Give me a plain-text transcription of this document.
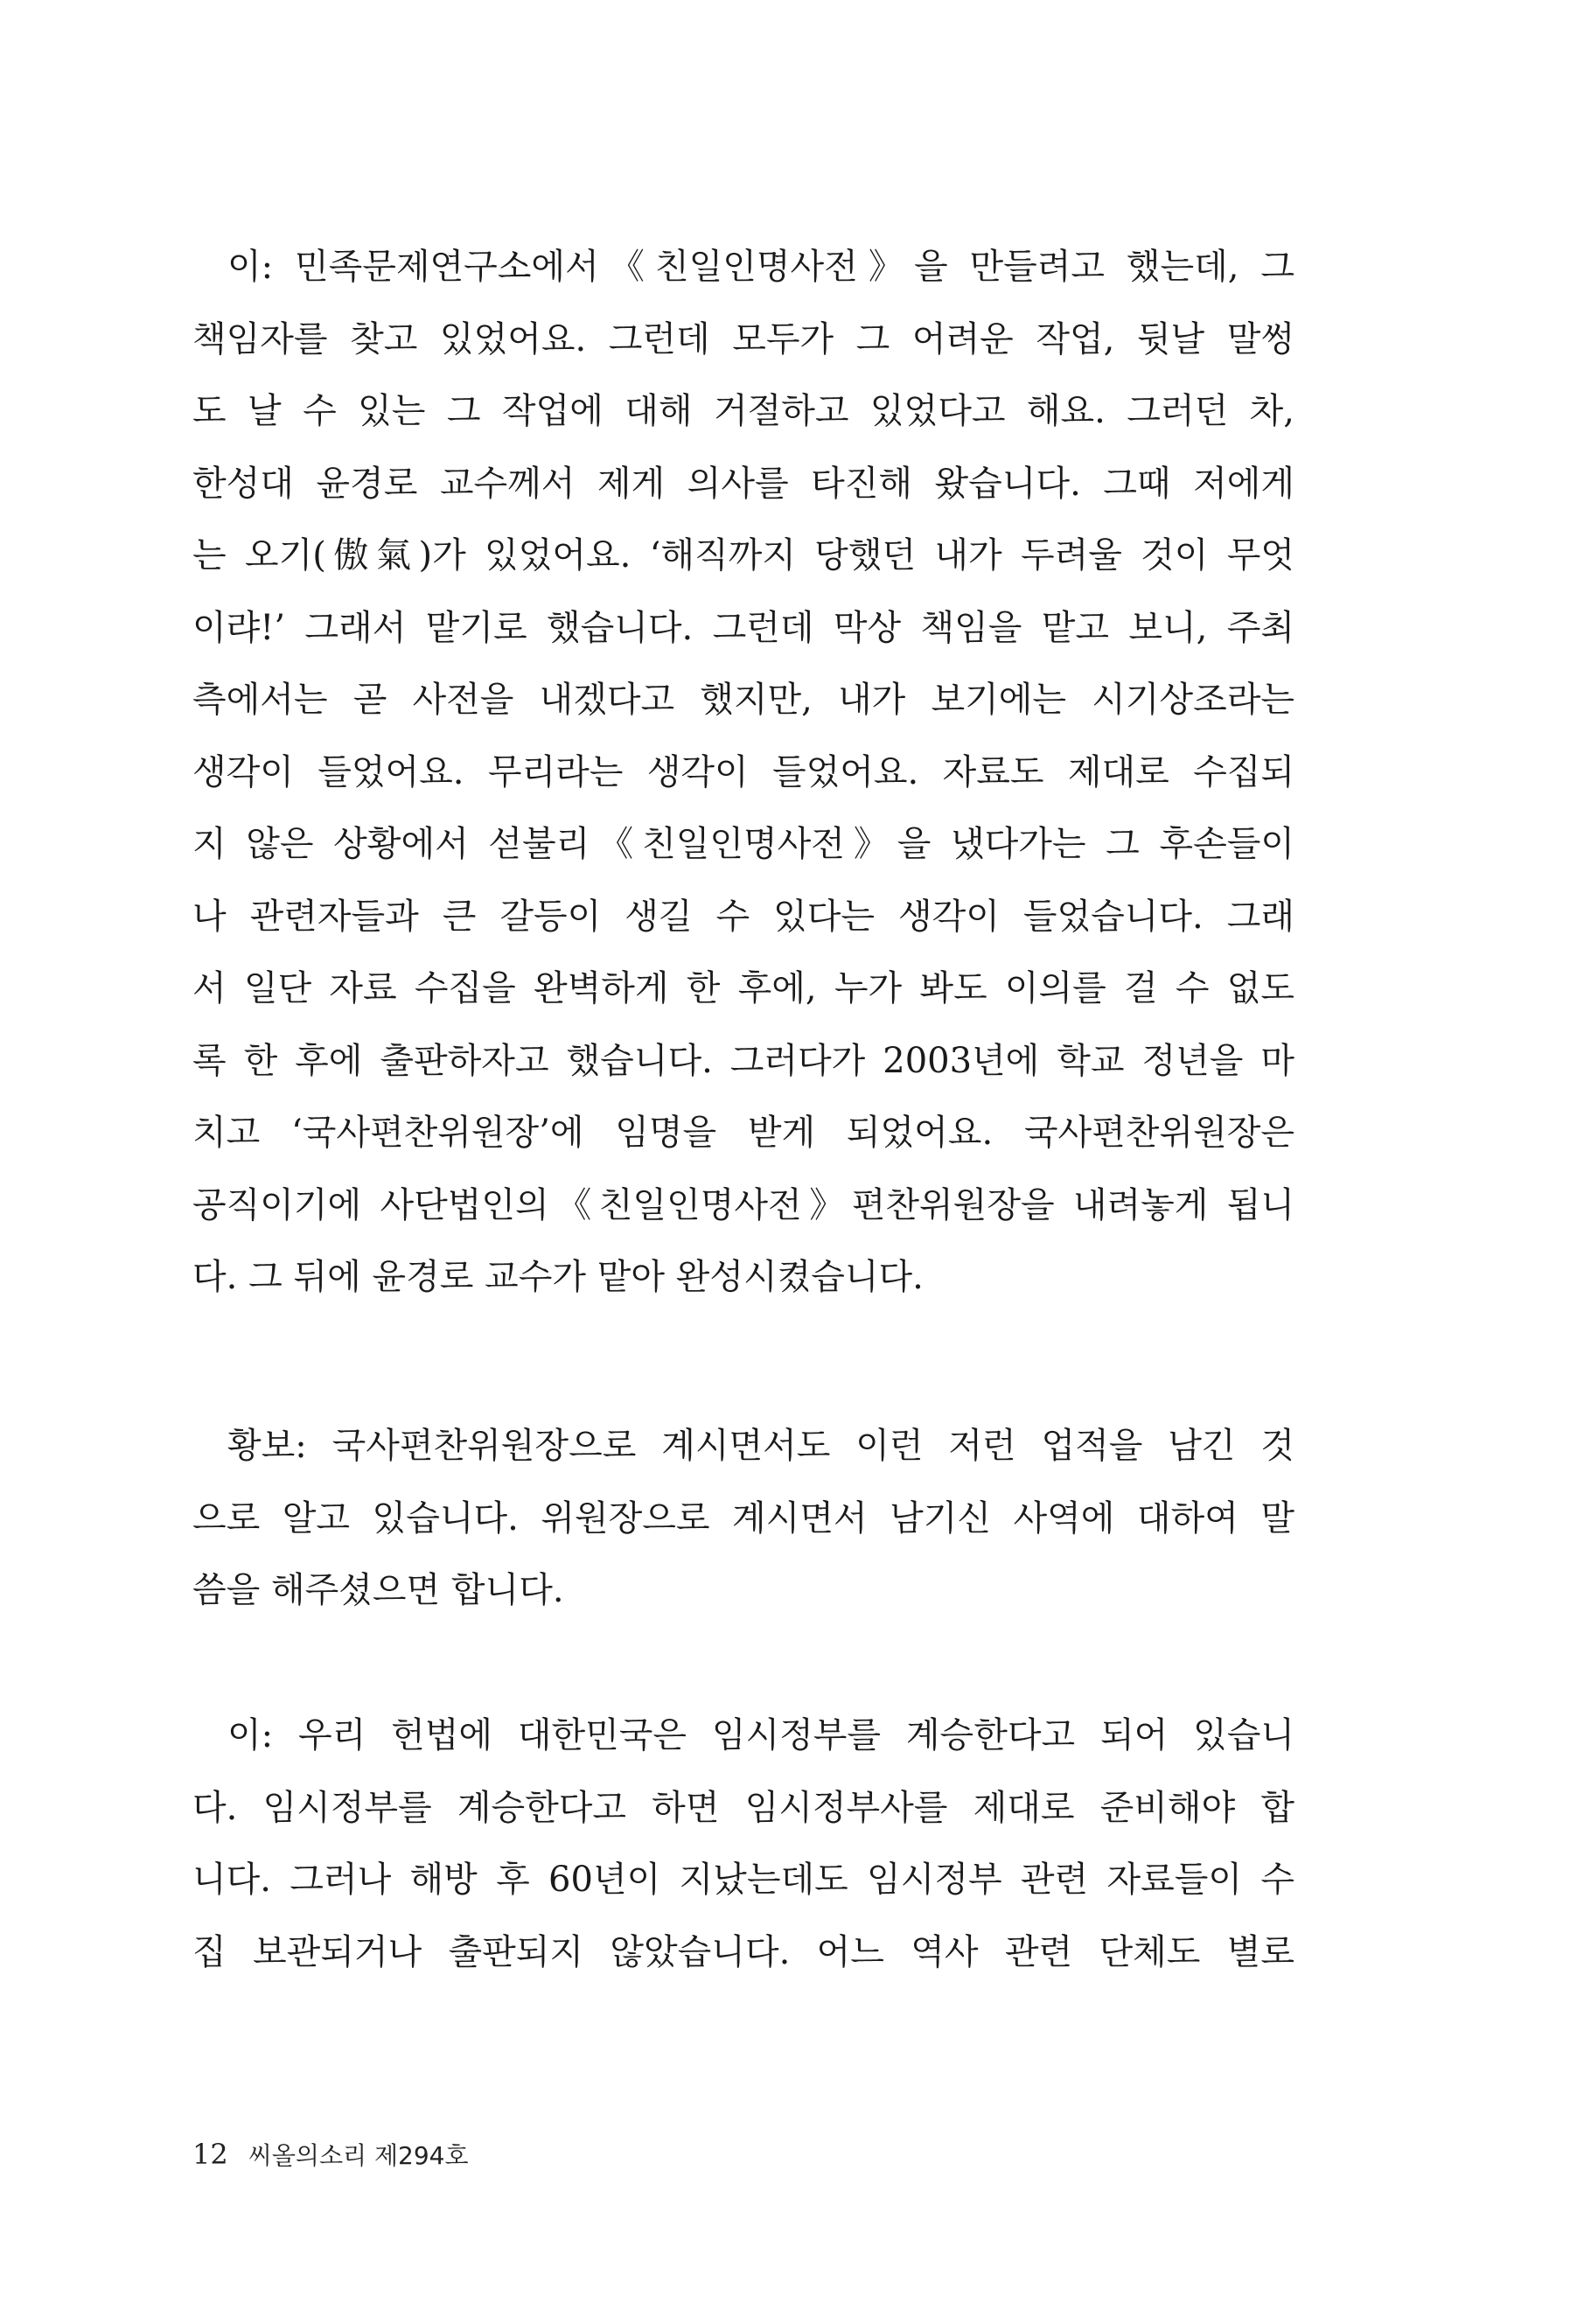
이: 민족문제연구소에서《친일인명사전》을 만들려고 했는데, 그
책임자를 찾고 있었어요. 그런데 모두가 그 어려운 작업, 뒷날 말썽
도 날 수 있는 그 작업에 대해 거절하고 있었다고 해요. 그러던 차,
한성대 윤경로 교수께서 제게 의사를 타진해 왔습니다. 그때 저에게
는 오기(傲氣)가 있었어요. ‘해직까지 당했던 내가 두려울 것이 무엇
이랴!’ 그래서 맡기로 했습니다. 그런데 막상 책임을 맡고 보니, 주최
측에서는 곧 사전을 내겠다고 했지만, 내가 보기에는 시기상조라는
생각이 들었어요. 무리라는 생각이 들었어요. 자료도 제대로 수집되
지 않은 상황에서 섣불리《친일인명사전》을 냈다가는 그 후손들이
나 관련자들과 큰 갈등이 생길 수 있다는 생각이 들었습니다. 그래
서 일단 자료 수집을 완벽하게 한 후에, 누가 봐도 이의를 걸 수 없도
록 한 후에 출판하자고 했습니다. 그러다가 2003년에 학교 정년을 마
치고 ‘국사편찬위원장’에 임명을 받게 되었어요. 국사편찬위원장은
공직이기에 사단법인의《친일인명사전》편찬위원장을 내려놓게 됩니
다. 그 뒤에 윤경로 교수가 맡아 완성시켰습니다.
황보: 국사편찬위원장으로 계시면서도 이런 저런 업적을 남긴 것
으로 알고 있습니다. 위원장으로 계시면서 남기신 사역에 대하여 말
씀을 해주셨으면 합니다.
이: 우리 헌법에 대한민국은 임시정부를 계승한다고 되어 있습니
다. 임시정부를 계승한다고 하면 임시정부사를 제대로 준비해야 합
니다. 그러나 해방 후 60년이 지났는데도 임시정부 관련 자료들이 수
집 보관되거나 출판되지 않았습니다. 어느 역사 관련 단체도 별로
12 씨올의소리 제294호
